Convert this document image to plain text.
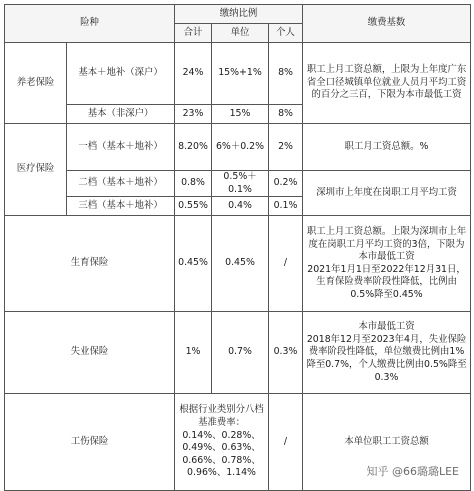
险种		缴纳比例			缴费基数
		合计	单位	个人	
养老保险	基本＋地补（深户）	24%	15%+1%	8%	职工上月工资总额，上限为上年度广东省全口径城镇单位就业人员月平均工资的百分之三百，下限为本市最低工资
	基本（非深户）	23%	15%	8%	
医疗保险	一档（基本＋地补）	8.20%	6%＋0.2%	2%	职工月工资总额。%
	二档（基本＋地补）	0.8%	0.5%＋0.1%	0.2%	深圳市上年度在岗职工月平均工资
	三档（基本＋地补）	0.55%	0.4%	0.1%	
生育保险		0.45%	0.45%	/	职工上月工资总额。上限为深圳市上年度在岗职工月平均工资的3倍，下限为本市最低工资
2021年1月1日至2022年12月31日，生育保险费率阶段性降低，比例由0.5%降至0.45%
失业保险		1%	0.7%	0.3%	本市最低工资
2018年12月至2023年4月，失业保险费率阶段性降低，单位缴费比例由1%降至0.7%，个人缴费比例由0.5%降至0.3%
工伤保险		根据行业类别分八档基准费率：
0.14%、0.28%、
0.49%、0.63%、
0.66%、0.78%、
0.96%、1.14%		/	本单位职工工资总额
知乎 @66璐璐LEE
